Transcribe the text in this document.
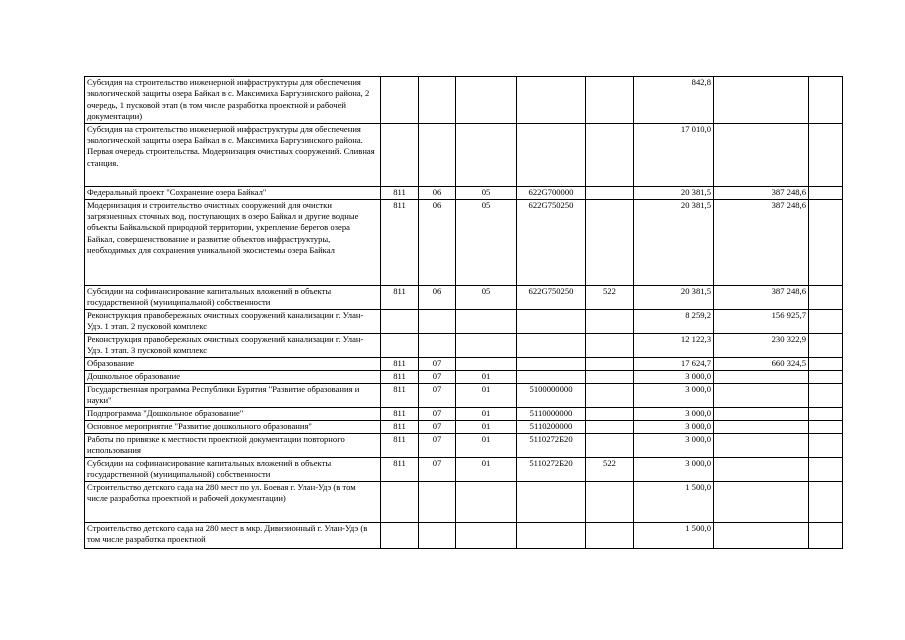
Субсидия на строительство инженерной инфраструктуры для обеспечения экологической защиты озера Байкал в с. Максимиха Баргузинского района, 2 очередь, 1 пусковой этап (в том числе разработка проектной и рабочей документации)						842,8		
Субсидия на строительство инженерной инфраструктуры для обеспечения экологической защиты озера Байкал в с. Максимиха Баргузинского района. Первая очередь строительства. Модернизация очистных сооружений. Сливная станция.						17 010,0		
Федеральный проект "Сохранение озера Байкал"	811	06	05	622G700000		20 381,5	387 248,6	
Модернизация и строительство очистных сооружений для очистки загрязненных сточных вод, поступающих в озеро Байкал и другие водные объекты Байкальской природной территории, укрепление берегов озера Байкал, совершенствование и развитие объектов инфраструктуры, необходимых для сохранения уникальной экосистемы озера Байкал	811	06	05	622G750250		20 381,5	387 248,6	
Субсидии на софинансирование капитальных вложений в объекты государственной (муниципальной) собственности	811	06	05	622G750250	522	20 381,5	387 248,6	
Реконструкция правобережных очистных сооружений канализации г. Улан-Удэ. 1 этап. 2 пусковой комплекс						8 259,2	156 925,7	
Реконструкция правобережных очистных сооружений канализации г. Улан-Удэ. 1 этап. 3 пусковой комплекс						12 122,3	230 322,9	
Образование	811	07				17 624,7	660 324,5	
Дошкольное образование	811	07	01			3 000,0		
Государственная программа Республики Бурятия "Развитие образования и науки"	811	07	01	5100000000		3 000,0		
Подпрограмма "Дошкольное образование"	811	07	01	5110000000		3 000,0		
Основное мероприятие "Развитие дошкольного образования"	811	07	01	5110200000		3 000,0		
Работы по привязке к местности проектной документации повторного использования	811	07	01	5110272Б20		3 000,0		
Субсидии на софинансирование капитальных вложений в объекты государственной (муниципальной) собственности	811	07	01	5110272Б20	522	3 000,0		
Строительство детского сада на 280 мест по ул. Боевая г. Улан-Удэ (в том числе разработка проектной и рабочей документации)						1 500,0		
Строительство детского сада на 280 мест в мкр. Дивизионный г. Улан-Удэ (в том числе разработка проектной						1 500,0		
